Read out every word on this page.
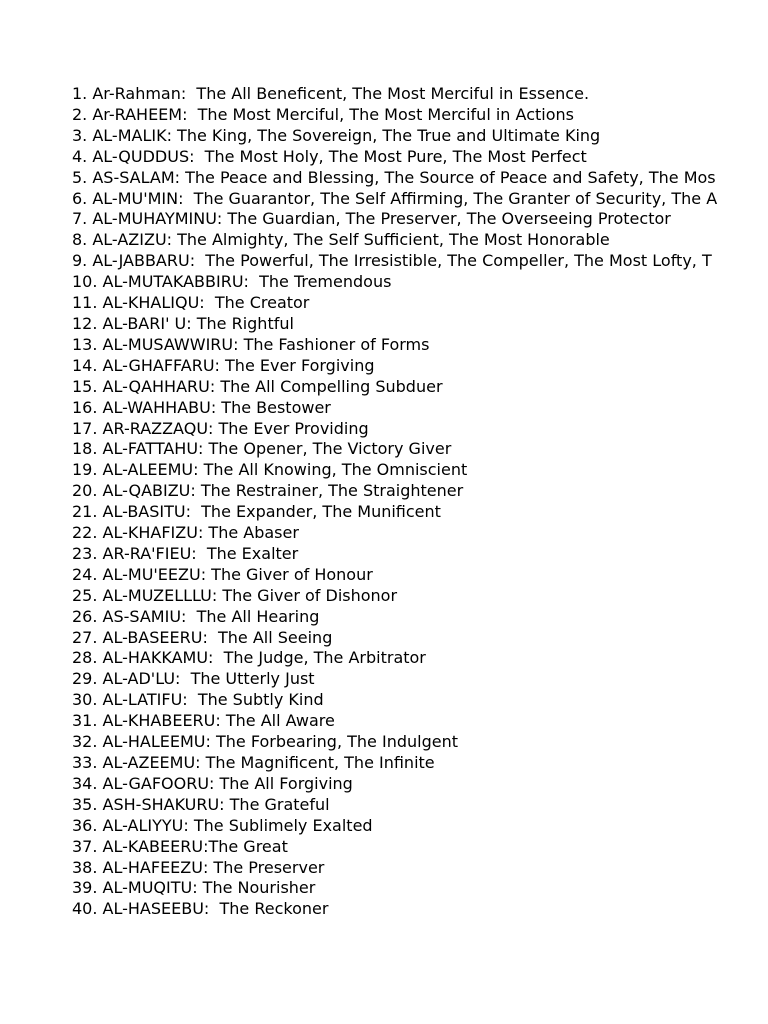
1. Ar-Rahman:  The All Beneficent, The Most Merciful in Essence.
2. Ar-RAHEEM:  The Most Merciful, The Most Merciful in Actions
3. AL-MALIK: The King, The Sovereign, The True and Ultimate King
4. AL-QUDDUS:  The Most Holy, The Most Pure, The Most Perfect
5. AS-SALAM: The Peace and Blessing, The Source of Peace and Safety, The Mos
6. AL-MU'MIN:  The Guarantor, The Self Affirming, The Granter of Security, The A
7. AL-MUHAYMINU: The Guardian, The Preserver, The Overseeing Protector
8. AL-AZIZU: The Almighty, The Self Sufficient, The Most Honorable
9. AL-JABBARU:  The Powerful, The Irresistible, The Compeller, The Most Lofty, T
10. AL-MUTAKABBIRU:  The Tremendous
11. AL-KHALIQU:  The Creator
12. AL-BARI' U: The Rightful
13. AL-MUSAWWIRU: The Fashioner of Forms
14. AL-GHAFFARU: The Ever Forgiving
15. AL-QAHHARU: The All Compelling Subduer
16. AL-WAHHABU: The Bestower
17. AR-RAZZAQU: The Ever Providing
18. AL-FATTAHU: The Opener, The Victory Giver
19. AL-ALEEMU: The All Knowing, The Omniscient
20. AL-QABIZU: The Restrainer, The Straightener
21. AL-BASITU:  The Expander, The Munificent
22. AL-KHAFIZU: The Abaser
23. AR-RA'FIEU:  The Exalter
24. AL-MU'EEZU: The Giver of Honour
25. AL-MUZELLLU: The Giver of Dishonor
26. AS-SAMIU:  The All Hearing
27. AL-BASEERU:  The All Seeing
28. AL-HAKKAMU:  The Judge, The Arbitrator
29. AL-AD'LU:  The Utterly Just
30. AL-LATIFU:  The Subtly Kind
31. AL-KHABEERU: The All Aware
32. AL-HALEEMU: The Forbearing, The Indulgent
33. AL-AZEEMU: The Magnificent, The Infinite
34. AL-GAFOORU: The All Forgiving
35. ASH-SHAKURU: The Grateful
36. AL-ALIYYU: The Sublimely Exalted
37. AL-KABEERU:The Great
38. AL-HAFEEZU: The Preserver
39. AL-MUQITU: The Nourisher
40. AL-HASEEBU:  The Reckoner
